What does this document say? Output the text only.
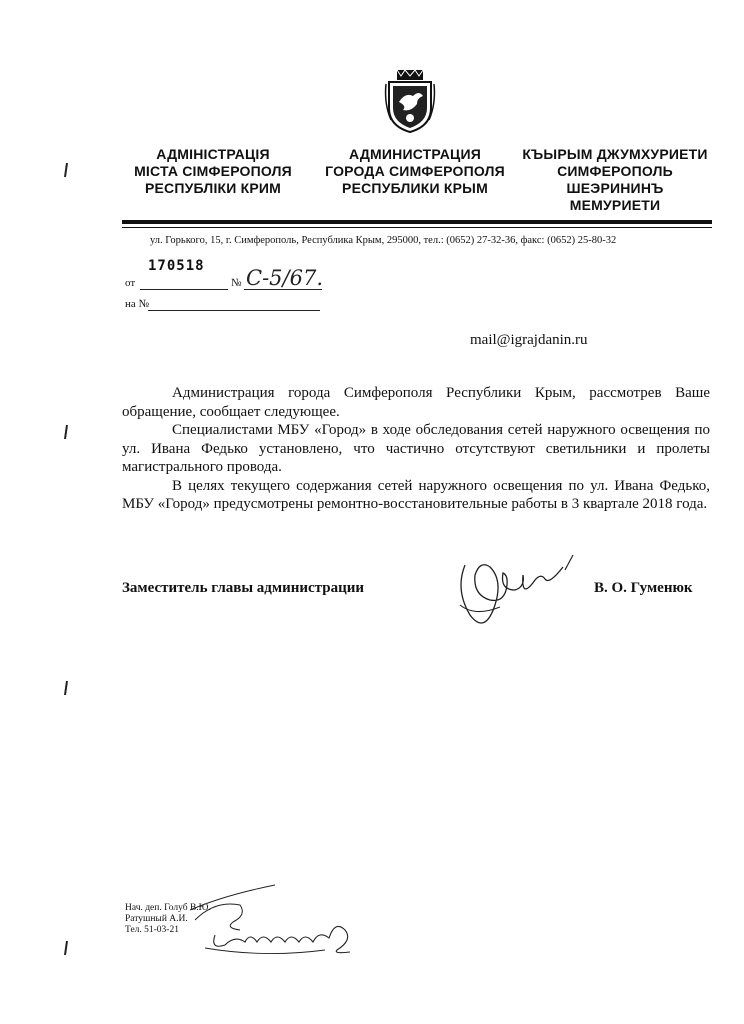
АДМІНІСТРАЦІЯ
МІСТА СІМФЕРОПОЛЯ
РЕСПУБЛІКИ КРИМ
АДМИНИСТРАЦИЯ
ГОРОДА СИМФЕРОПОЛЯ
РЕСПУБЛИКИ КРЫМ
КЪЫРЫМ ДЖУМХУРИЕТИ
СИМФЕРОПОЛЬ
ШЕЭРИНИНЪ
МЕМУРИЕТИ
ул. Горького, 15, г. Симферополь, Республика Крым, 295000, тел.: (0652) 27-32-36, факс: (0652) 25-80-32
170518
от	№ С-5/67.
на №
mail@igrajdanin.ru

Администрация города Симферополя Республики Крым, рассмотрев Ваше обращение, сообщает следующее.

Специалистами МБУ «Город» в ходе обследования сетей наружного освещения по ул. Ивана Федько установлено, что частично отсутствуют светильники и пролеты магистрального провода.

В целях текущего содержания сетей наружного освещения по ул. Ивана Федько, МБУ «Город» предусмотрены ремонтно-восстановительные работы в 3 квартале 2018 года.

Заместитель главы администрации	В. О. Гуменюк
Нач. деп. Голуб В.Ю.
Ратушный А.И.
Тел. 51-03-21
